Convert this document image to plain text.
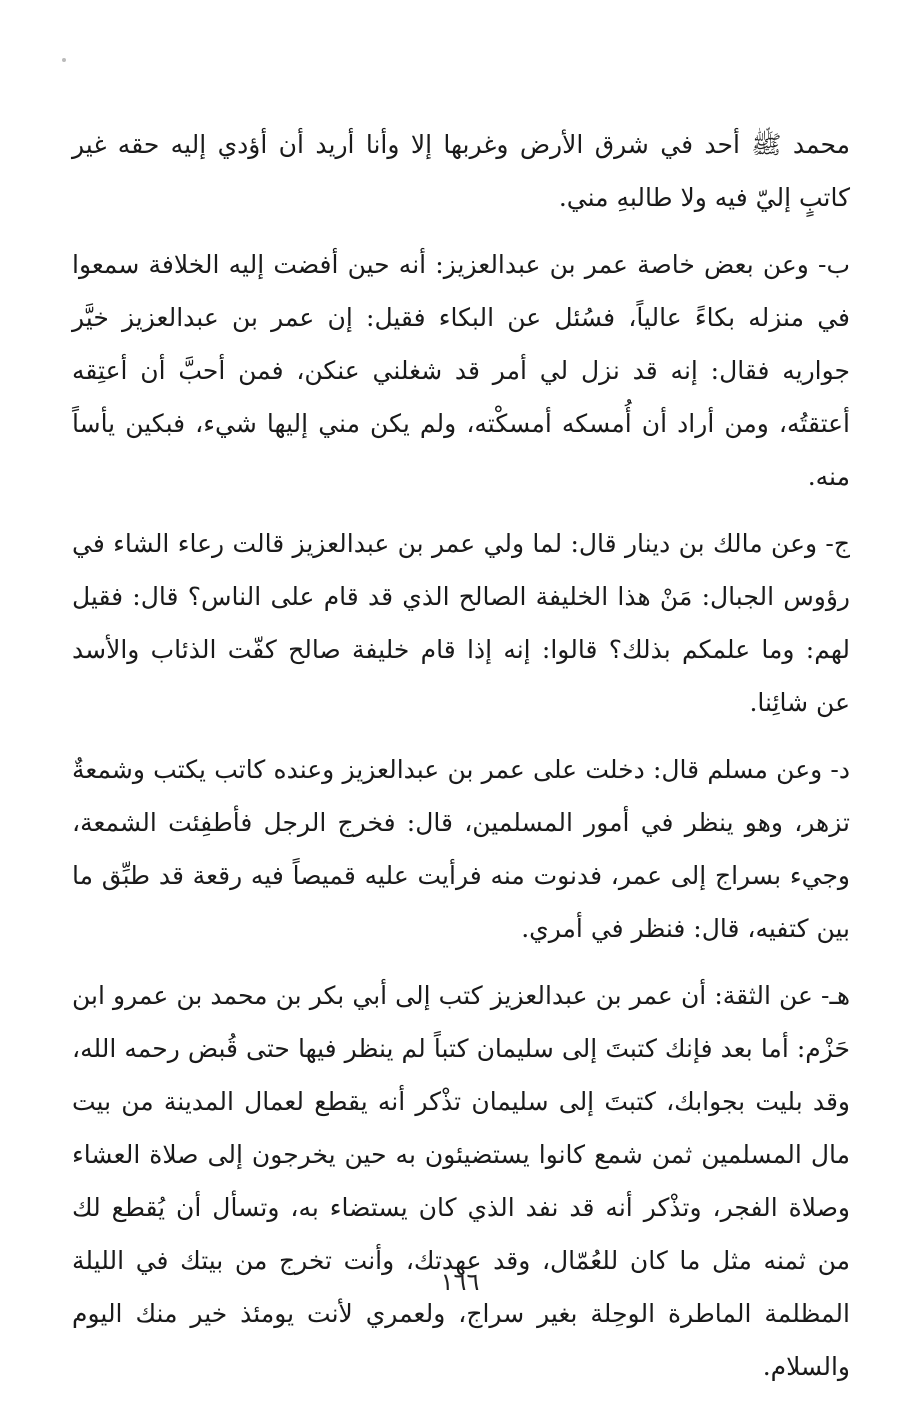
محمد ﷺ أحد في شرق الأرض وغربها إلا وأنا أريد أن أؤدي إليه حقه غير كاتبٍ إليّ فيه ولا طالبهِ مني.

ب- وعن بعض خاصة عمر بن عبدالعزيز: أنه حين أفضت إليه الخلافة سمعوا في منزله بكاءً عالياً، فسُئل عن البكاء فقيل: إن عمر بن عبدالعزيز خيَّر جواريه فقال: إنه قد نزل لي أمر قد شغلني عنكن، فمن أحبَّ أن أعتِقه أعتقتُه، ومن أراد أن أُمسكه أمسكْته، ولم يكن مني إليها شيء، فبكين يأساً منه.

ج- وعن مالك بن دينار قال: لما ولي عمر بن عبدالعزيز قالت رعاء الشاء في رؤوس الجبال: مَنْ هذا الخليفة الصالح الذي قد قام على الناس؟ قال: فقيل لهم: وما علمكم بذلك؟ قالوا: إنه إذا قام خليفة صالح كفّت الذئاب والأسد عن شائِنا.

د- وعن مسلم قال: دخلت على عمر بن عبدالعزيز وعنده كاتب يكتب وشمعةٌ تزهر، وهو ينظر في أمور المسلمين، قال: فخرج الرجل فأطفِئت الشمعة، وجيء بسراج إلى عمر، فدنوت منه فرأيت عليه قميصاً فيه رقعة قد طبِّق ما بين كتفيه، قال: فنظر في أمري.

هـ- عن الثقة: أن عمر بن عبدالعزيز كتب إلى أبي بكر بن محمد بن عمرو ابن حَزْم: أما بعد فإنك كتبتَ إلى سليمان كتباً لم ينظر فيها حتى قُبض رحمه الله، وقد بليت بجوابك، كتبتَ إلى سليمان تذْكر أنه يقطع لعمال المدينة من بيت مال المسلمين ثمن شمع كانوا يستضيئون به حين يخرجون إلى صلاة العشاء وصلاة الفجر، وتذْكر أنه قد نفد الذي كان يستضاء به، وتسأل أن يُقطع لك من ثمنه مثل ما كان للعُمّال، وقد عهدتك، وأنت تخرج من بيتك في الليلة المظلمة الماطرة الوحِلة بغير سراج، ولعمري لأنت يومئذ خير منك اليوم والسلام.

١٦٦
